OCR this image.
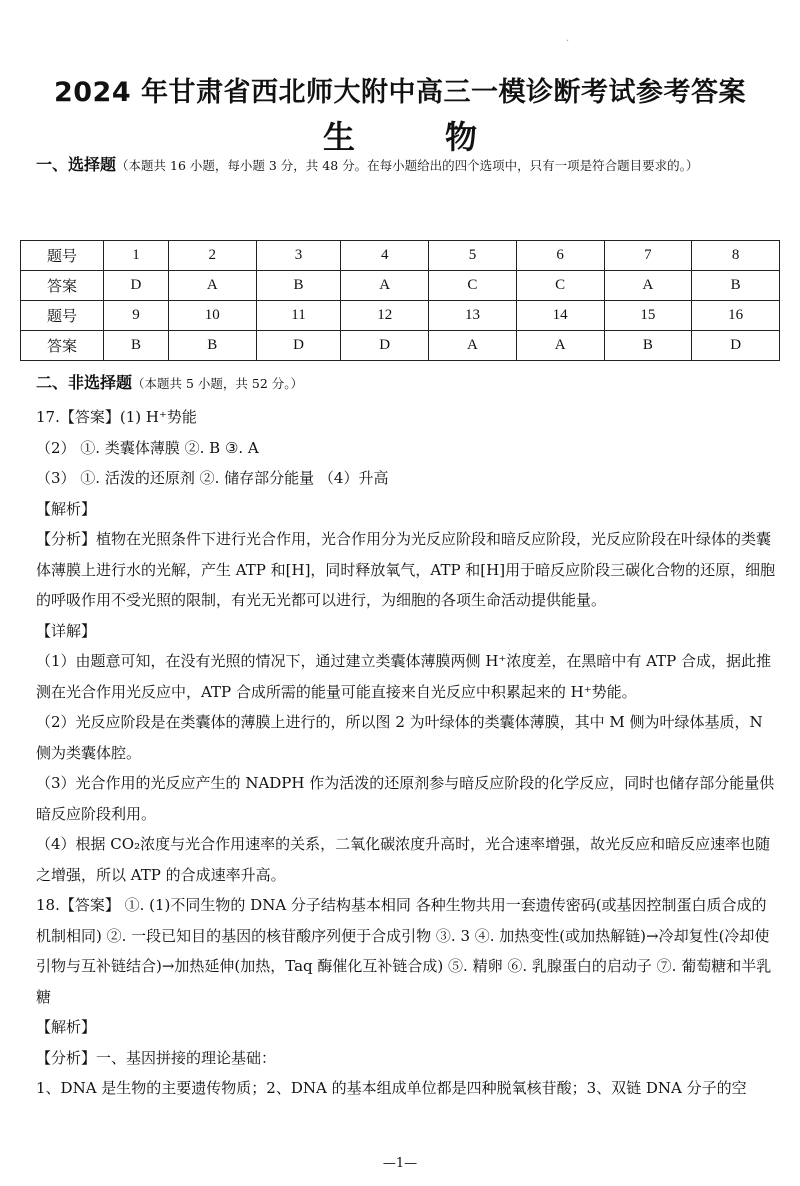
·
2024 年甘肃省西北师大附中高三一模诊断考试参考答案
生	物
一、选择题（本题共 16 小题，每小题 3 分，共 48 分。在每小题给出的四个选项中，只有一项是符合题目要求的。）
题号	1	2	3	4	5	6	7	8
答案	D	A	B	A	C	C	A	B
题号	9	10	11	12	13	14	15	16
答案	B	B	D	D	A	A	B	D
二、非选择题（本题共 5 小题，共 52 分。）

17.【答案】(1) H⁺势能

（2） ①. 类囊体薄膜 ②. B ③. A

（3） ①. 活泼的还原剂 ②. 储存部分能量 （4）升高

【解析】

【分析】植物在光照条件下进行光合作用，光合作用分为光反应阶段和暗反应阶段，光反应阶段在叶绿体的类囊体薄膜上进行水的光解，产生 ATP 和[H]，同时释放氧气，ATP 和[H]用于暗反应阶段三碳化合物的还原，细胞的呼吸作用不受光照的限制，有光无光都可以进行，为细胞的各项生命活动提供能量。

【详解】

（1）由题意可知，在没有光照的情况下，通过建立类囊体薄膜两侧 H⁺浓度差，在黑暗中有 ATP 合成，据此推测在光合作用光反应中，ATP 合成所需的能量可能直接来自光反应中积累起来的 H⁺势能。

（2）光反应阶段是在类囊体的薄膜上进行的，所以图 2 为叶绿体的类囊体薄膜，其中 M 侧为叶绿体基质，N 侧为类囊体腔。

（3）光合作用的光反应产生的 NADPH 作为活泼的还原剂参与暗反应阶段的化学反应，同时也储存部分能量供暗反应阶段利用。

（4）根据 CO₂浓度与光合作用速率的关系，二氧化碳浓度升高时，光合速率增强，故光反应和暗反应速率也随之增强，所以 ATP 的合成速率升高。

18.【答案】 ①. (1)不同生物的 DNA 分子结构基本相同 各种生物共用一套遗传密码(或基因控制蛋白质合成的机制相同) ②. 一段已知目的基因的核苷酸序列便于合成引物 ③. 3 ④. 加热变性(或加热解链)→冷却复性(冷却使引物与互补链结合)→加热延伸(加热，Taq 酶催化互补链合成) ⑤. 精卵 ⑥. 乳腺蛋白的启动子 ⑦. 葡萄糖和半乳糖

【解析】

【分析】一、基因拼接的理论基础：

1、DNA 是生物的主要遗传物质；2、DNA 的基本组成单位都是四种脱氧核苷酸；3、双链 DNA 分子的空

—1—
